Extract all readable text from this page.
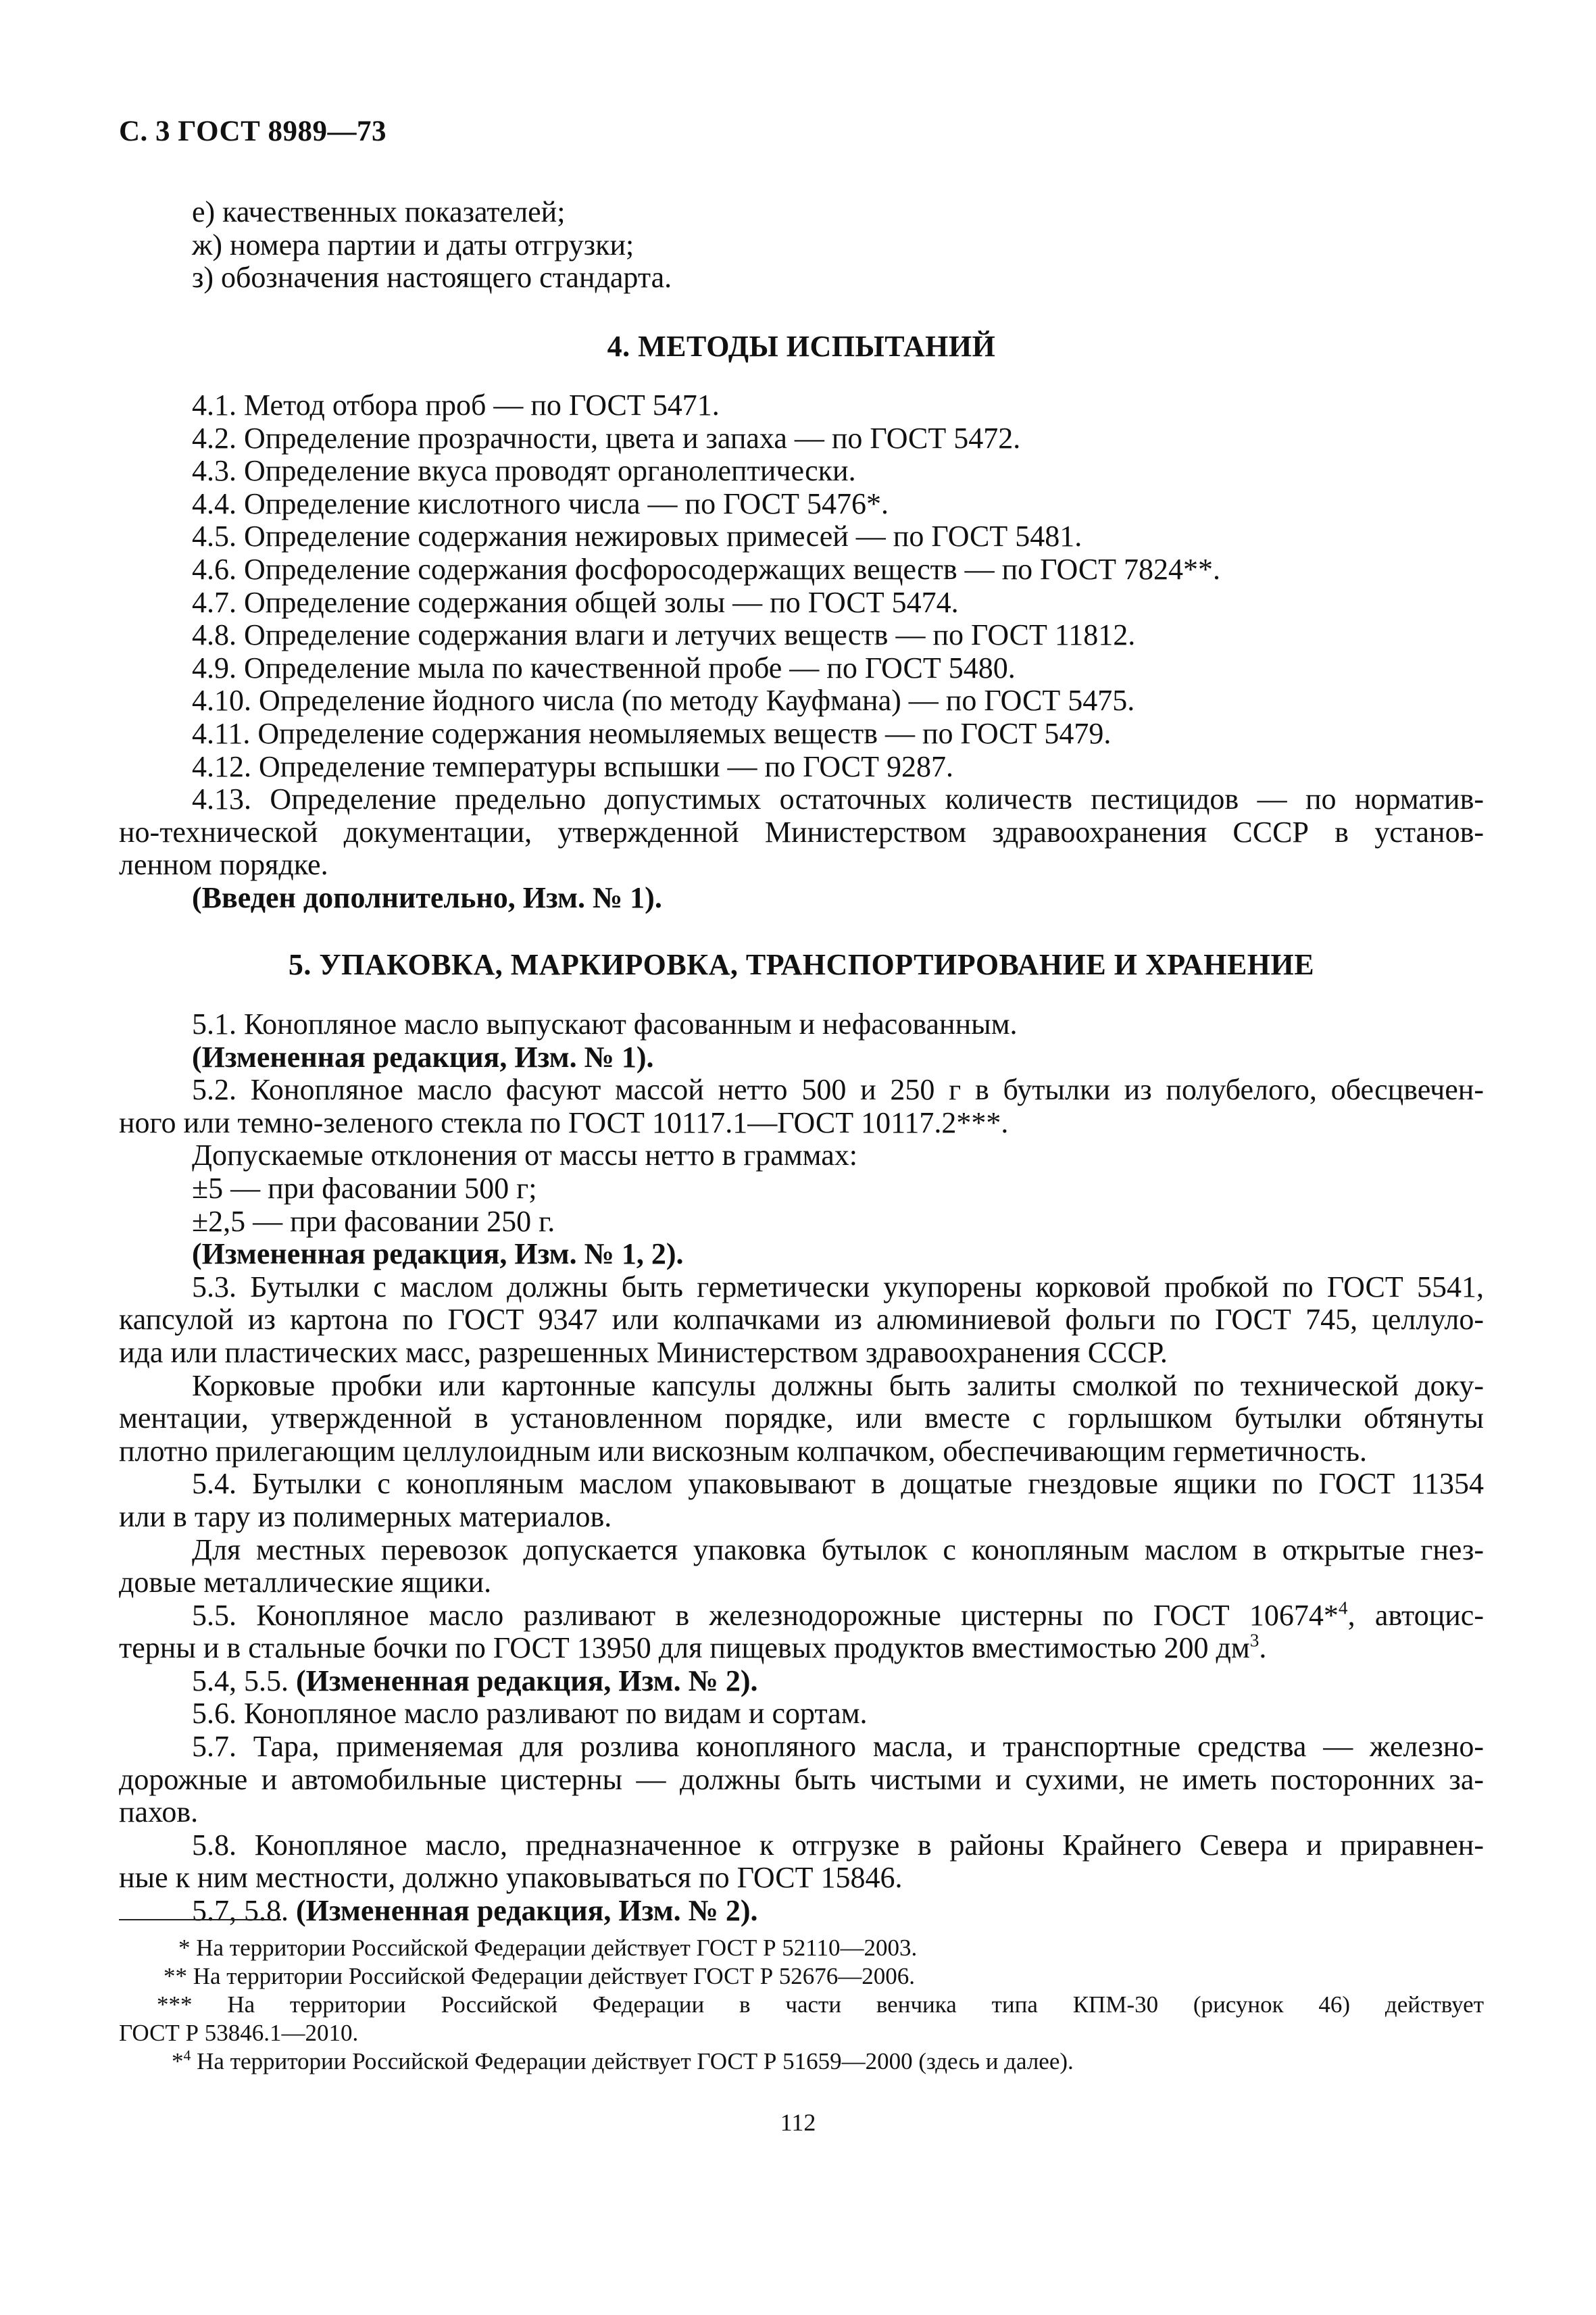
С. 3 ГОСТ 8989—73
е) качественных показателей;
ж) номера партии и даты отгрузки;
з) обозначения настоящего стандарта.
4. МЕТОДЫ ИСПЫТАНИЙ
4.1. Метод отбора проб — по ГОСТ 5471.
4.2. Определение прозрачности, цвета и запаха — по ГОСТ 5472.
4.3. Определение вкуса проводят органолептически.
4.4. Определение кислотного числа — по ГОСТ 5476*.
4.5. Определение содержания нежировых примесей — по ГОСТ 5481.
4.6. Определение содержания фосфоросодержащих веществ — по ГОСТ 7824**.
4.7. Определение содержания общей золы — по ГОСТ 5474.
4.8. Определение содержания влаги и летучих веществ — по ГОСТ 11812.
4.9. Определение мыла по качественной пробе — по ГОСТ 5480.
4.10. Определение йодного числа (по методу Кауфмана) — по ГОСТ 5475.
4.11. Определение содержания неомыляемых веществ — по ГОСТ 5479.
4.12. Определение температуры вспышки — по ГОСТ 9287.
4.13. Определение предельно допустимых остаточных количеств пестицидов — по норматив-
но-технической документации, утвержденной Министерством здравоохранения СССР в установ-
ленном порядке.
(Введен дополнительно, Изм. № 1).
5. УПАКОВКА, МАРКИРОВКА, ТРАНСПОРТИРОВАНИЕ И ХРАНЕНИЕ
5.1. Конопляное масло выпускают фасованным и нефасованным.
(Измененная редакция, Изм. № 1).
5.2. Конопляное масло фасуют массой нетто 500 и 250 г в бутылки из полубелого, обесцвечен-
ного или темно-зеленого стекла по ГОСТ 10117.1—ГОСТ 10117.2***.
Допускаемые отклонения от массы нетто в граммах:
±5 — при фасовании 500 г;
±2,5 — при фасовании 250 г.
(Измененная редакция, Изм. № 1, 2).
5.3. Бутылки с маслом должны быть герметически укупорены корковой пробкой по ГОСТ 5541,
капсулой из картона по ГОСТ 9347 или колпачками из алюминиевой фольги по ГОСТ 745, целлуло-
ида или пластических масс, разрешенных Министерством здравоохранения СССР.
Корковые пробки или картонные капсулы должны быть залиты смолкой по технической доку-
ментации, утвержденной в установленном порядке, или вместе с горлышком бутылки обтянуты
плотно прилегающим целлулоидным или вискозным колпачком, обеспечивающим герметичность.
5.4. Бутылки с конопляным маслом упаковывают в дощатые гнездовые ящики по ГОСТ 11354
или в тару из полимерных материалов.
Для местных перевозок допускается упаковка бутылок с конопляным маслом в открытые гнез-
довые металлические ящики.
5.5. Конопляное масло разливают в железнодорожные цистерны по ГОСТ 10674*$^4$, автоцис-
терны и в стальные бочки по ГОСТ 13950 для пищевых продуктов вместимостью 200 $дм^3$.
5.4, 5.5. (Измененная редакция, Изм. № 2).
5.6. Конопляное масло разливают по видам и сортам.
5.7. Тара, применяемая для розлива конопляного масла, и транспортные средства — железно-
дорожные и автомобильные цистерны — должны быть чистыми и сухими, не иметь посторонних за-
пахов.
5.8. Конопляное масло, предназначенное к отгрузке в районы Крайнего Севера и приравнен-
ные к ним местности, должно упаковываться по ГОСТ 15846.
5.7, 5.8. (Измененная редакция, Изм. № 2).
* На территории Российской Федерации действует ГОСТ Р 52110—2003.
** На территории Российской Федерации действует ГОСТ Р 52676—2006.
*** На территории Российской Федерации в части венчика типа КПМ-30 (рисунок 46) действует
ГОСТ Р 53846.1—2010.
*$^4$ На территории Российской Федерации действует ГОСТ Р 51659—2000 (здесь и далее).
112
